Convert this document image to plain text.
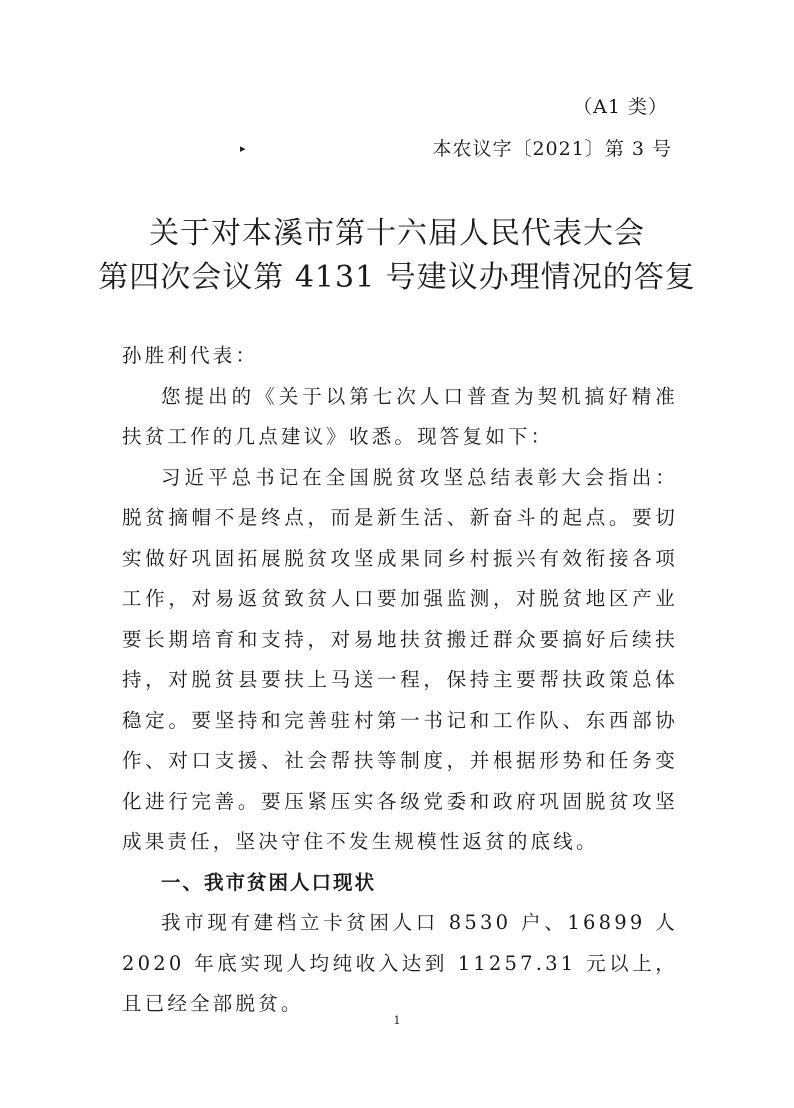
（A1 类）
▸	本农议字〔2021〕第 3 号
关于对本溪市第十六届人民代表大会
第四次会议第 4131 号建议办理情况的答复

孙胜利代表：

您提出的《关于以第七次人口普查为契机搞好精准扶贫工作的几点建议》收悉。现答复如下：

习近平总书记在全国脱贫攻坚总结表彰大会指出：脱贫摘帽不是终点，而是新生活、新奋斗的起点。要切实做好巩固拓展脱贫攻坚成果同乡村振兴有效衔接各项工作，对易返贫致贫人口要加强监测，对脱贫地区产业要长期培育和支持，对易地扶贫搬迁群众要搞好后续扶持，对脱贫县要扶上马送一程，保持主要帮扶政策总体稳定。要坚持和完善驻村第一书记和工作队、东西部协作、对口支援、社会帮扶等制度，并根据形势和任务变化进行完善。要压紧压实各级党委和政府巩固脱贫攻坚成果责任，坚决守住不发生规模性返贫的底线。

一、我市贫困人口现状

我市现有建档立卡贫困人口 8530 户、16899 人 2020 年底实现人均纯收入达到 11257.31 元以上，且已经全部脱贫。

1
